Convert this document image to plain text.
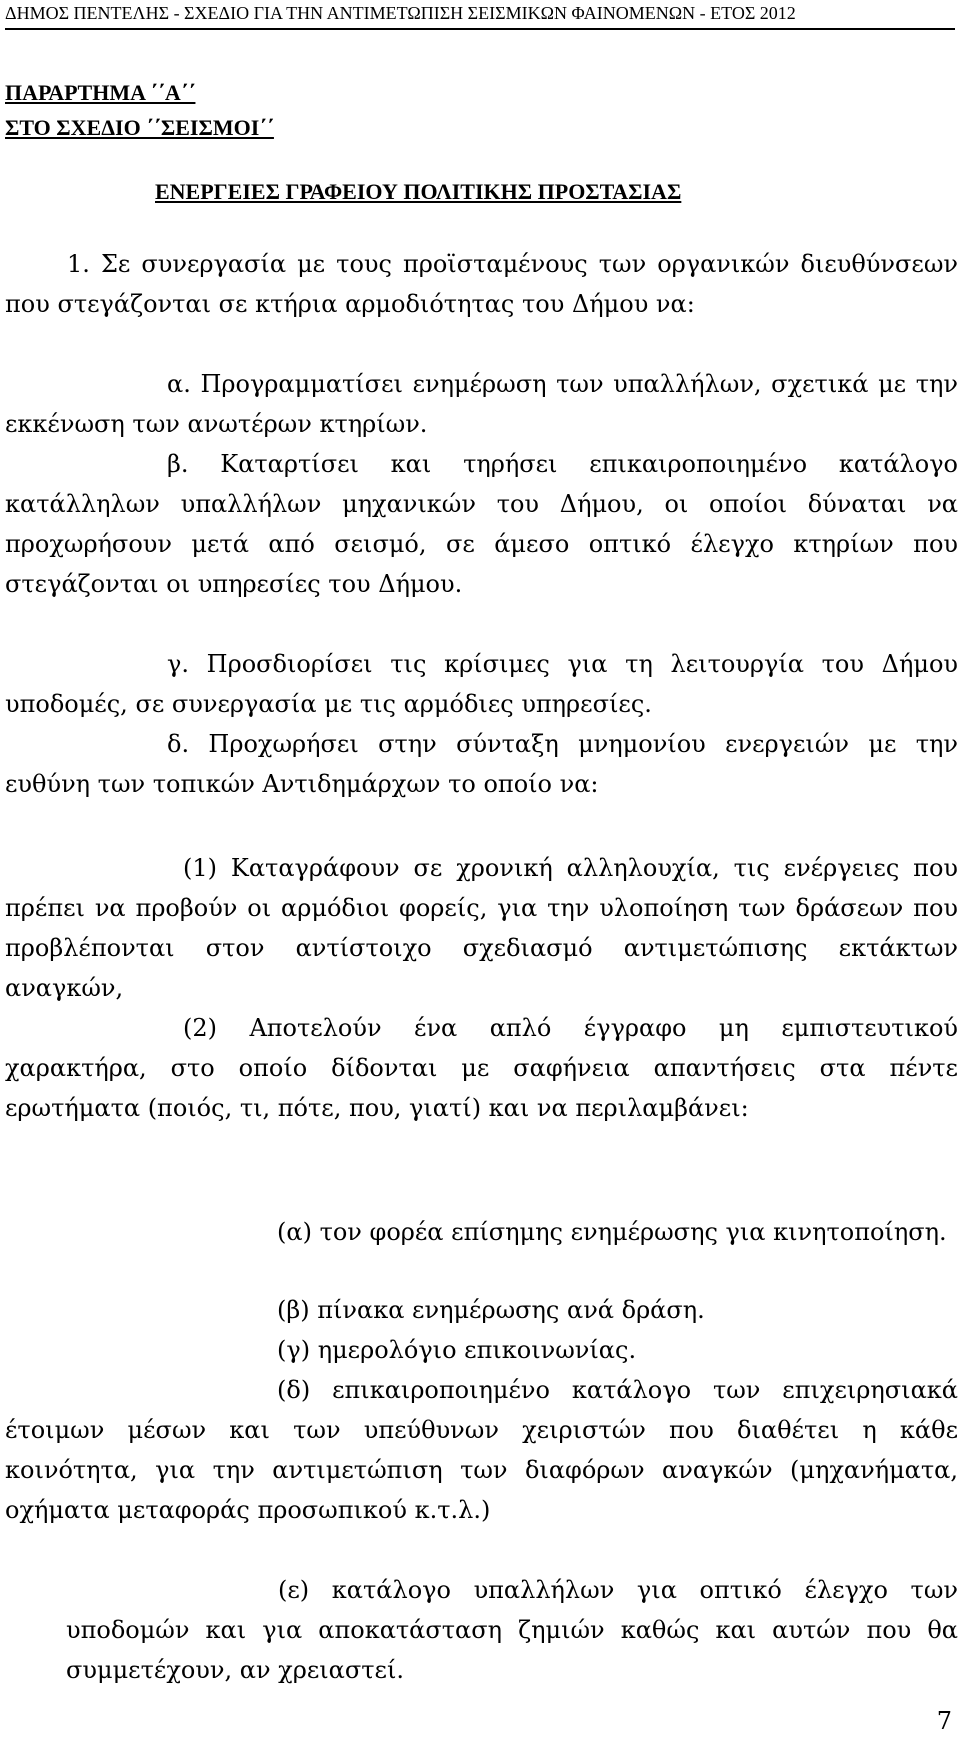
ΔΗΜΟΣ ΠΕΝΤΕΛΗΣ - ΣΧΕΔΙΟ ΓΙΑ ΤΗΝ ΑΝΤΙΜΕΤΩΠΙΣΗ ΣΕΙΣΜΙΚΩΝ ΦΑΙΝΟΜΕΝΩΝ - ΕΤΟΣ 2012
ΠΑΡΑΡΤΗΜΑ ΄΄Α΄΄
ΣΤΟ ΣΧΕΔΙΟ ΄΄ΣΕΙΣΜΟΙ΄΄
ΕΝΕΡΓΕΙΕΣ ΓΡΑΦΕΙΟΥ ΠΟΛΙΤΙΚΗΣ ΠΡΟΣΤΑΣΙΑΣ
1. Σε συνεργασία με τους προϊσταμένους των οργανικών διευθύνσεων που στεγάζονται σε κτήρια αρμοδιότητας του Δήμου να:
α. Προγραμματίσει ενημέρωση των υπαλλήλων, σχετικά με την εκκένωση των ανωτέρων κτηρίων.
β. Καταρτίσει και τηρήσει επικαιροποιημένο κατάλογο κατάλληλων υπαλλήλων μηχανικών του Δήμου, οι οποίοι δύναται να προχωρήσουν μετά από σεισμό, σε άμεσο οπτικό έλεγχο κτηρίων που στεγάζονται οι υπηρεσίες του Δήμου.
γ. Προσδιορίσει τις κρίσιμες για τη λειτουργία του Δήμου υποδομές, σε συνεργασία με τις αρμόδιες υπηρεσίες.
δ. Προχωρήσει στην σύνταξη μνημονίου ενεργειών με την ευθύνη των τοπικών Αντιδημάρχων το οποίο να:
(1) Καταγράφουν σε χρονική αλληλουχία, τις ενέργειες που πρέπει να προβούν οι αρμόδιοι φορείς, για την υλοποίηση των δράσεων που προβλέπονται στον αντίστοιχο σχεδιασμό αντιμετώπισης εκτάκτων αναγκών,
(2) Αποτελούν ένα απλό έγγραφο μη εμπιστευτικού χαρακτήρα, στο οποίο δίδονται με σαφήνεια απαντήσεις στα πέντε ερωτήματα (ποιός, τι, πότε, που, γιατί) και να περιλαμβάνει:
(α) τον φορέα επίσημης ενημέρωσης για κινητοποίηση.
(β) πίνακα ενημέρωσης ανά δράση.
(γ) ημερολόγιο επικοινωνίας.
(δ) επικαιροποιημένο κατάλογο των επιχειρησιακά έτοιμων μέσων και των υπεύθυνων χειριστών που διαθέτει η κάθε κοινότητα, για την αντιμετώπιση των διαφόρων αναγκών (μηχανήματα, οχήματα μεταφοράς προσωπικού κ.τ.λ.)
(ε) κατάλογο υπαλλήλων για οπτικό έλεγχο των υποδομών και για αποκατάσταση ζημιών καθώς και αυτών που θα συμμετέχουν, αν χρειαστεί.
7
